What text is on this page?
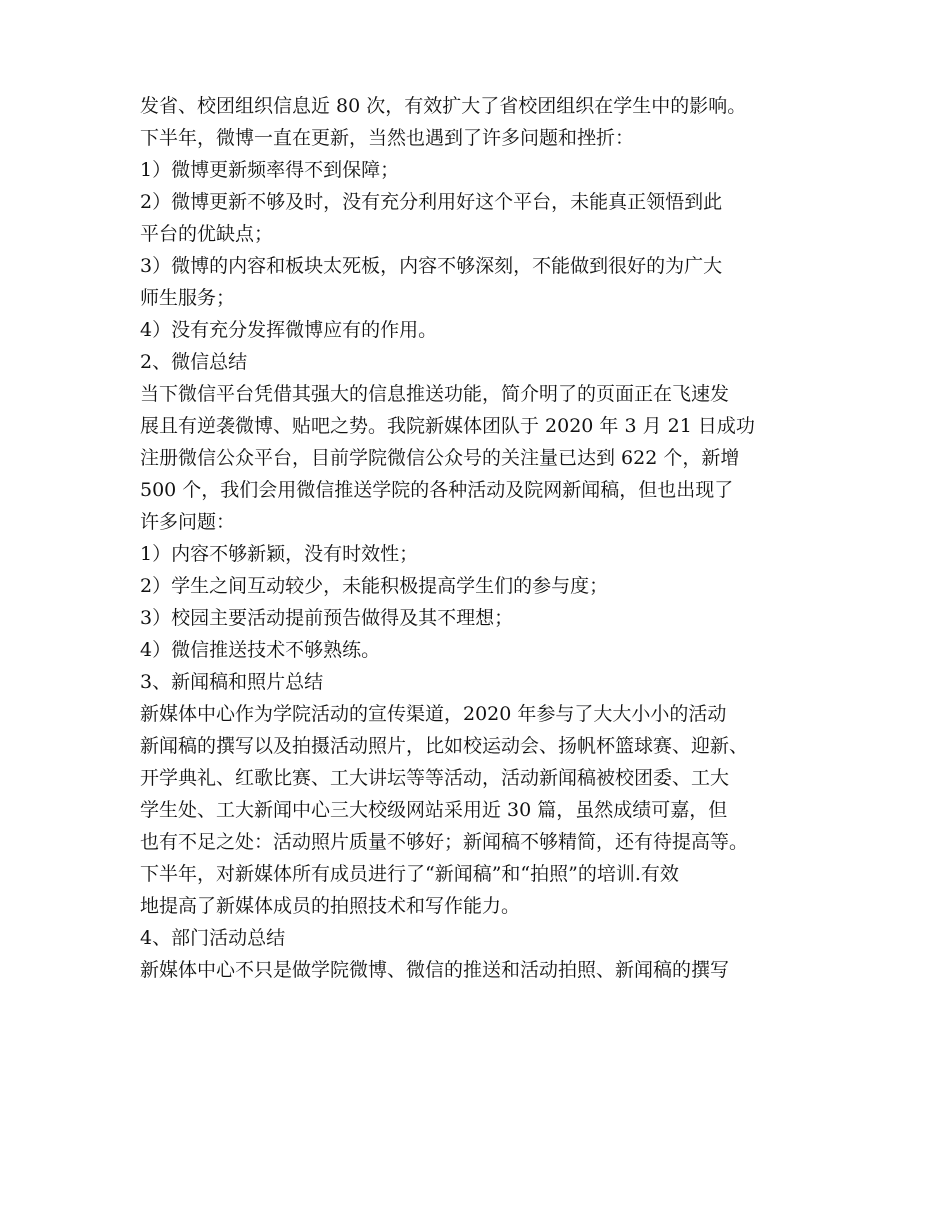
发省、校团组织信息近 80 次，有效扩大了省校团组织在学生中的影响。
下半年，微博一直在更新，当然也遇到了许多问题和挫折：
1）微博更新频率得不到保障；
2）微博更新不够及时，没有充分利用好这个平台，未能真正领悟到此
平台的优缺点；
3）微博的内容和板块太死板，内容不够深刻，不能做到很好的为广大
师生服务；
4）没有充分发挥微博应有的作用。
2、微信总结
当下微信平台凭借其强大的信息推送功能，简介明了的页面正在飞速发
展且有逆袭微博、贴吧之势。我院新媒体团队于 2020 年 3 月 21 日成功
注册微信公众平台，目前学院微信公众号的关注量已达到 622 个，新增
500 个，我们会用微信推送学院的各种活动及院网新闻稿，但也出现了
许多问题：
1）内容不够新颖，没有时效性；
2）学生之间互动较少，未能积极提高学生们的参与度；
3）校园主要活动提前预告做得及其不理想；
4）微信推送技术不够熟练。
3、新闻稿和照片总结
新媒体中心作为学院活动的宣传渠道，2020 年参与了大大小小的活动
新闻稿的撰写以及拍摄活动照片，比如校运动会、扬帆杯篮球赛、迎新、
开学典礼、红歌比赛、工大讲坛等等活动，活动新闻稿被校团委、工大
学生处、工大新闻中心三大校级网站采用近 30 篇，虽然成绩可嘉，但
也有不足之处：活动照片质量不够好；新闻稿不够精简，还有待提高等。
下半年，对新媒体所有成员进行了“新闻稿”和“拍照”的培训.有效
地提高了新媒体成员的拍照技术和写作能力。
4、部门活动总结
新媒体中心不只是做学院微博、微信的推送和活动拍照、新闻稿的撰写
